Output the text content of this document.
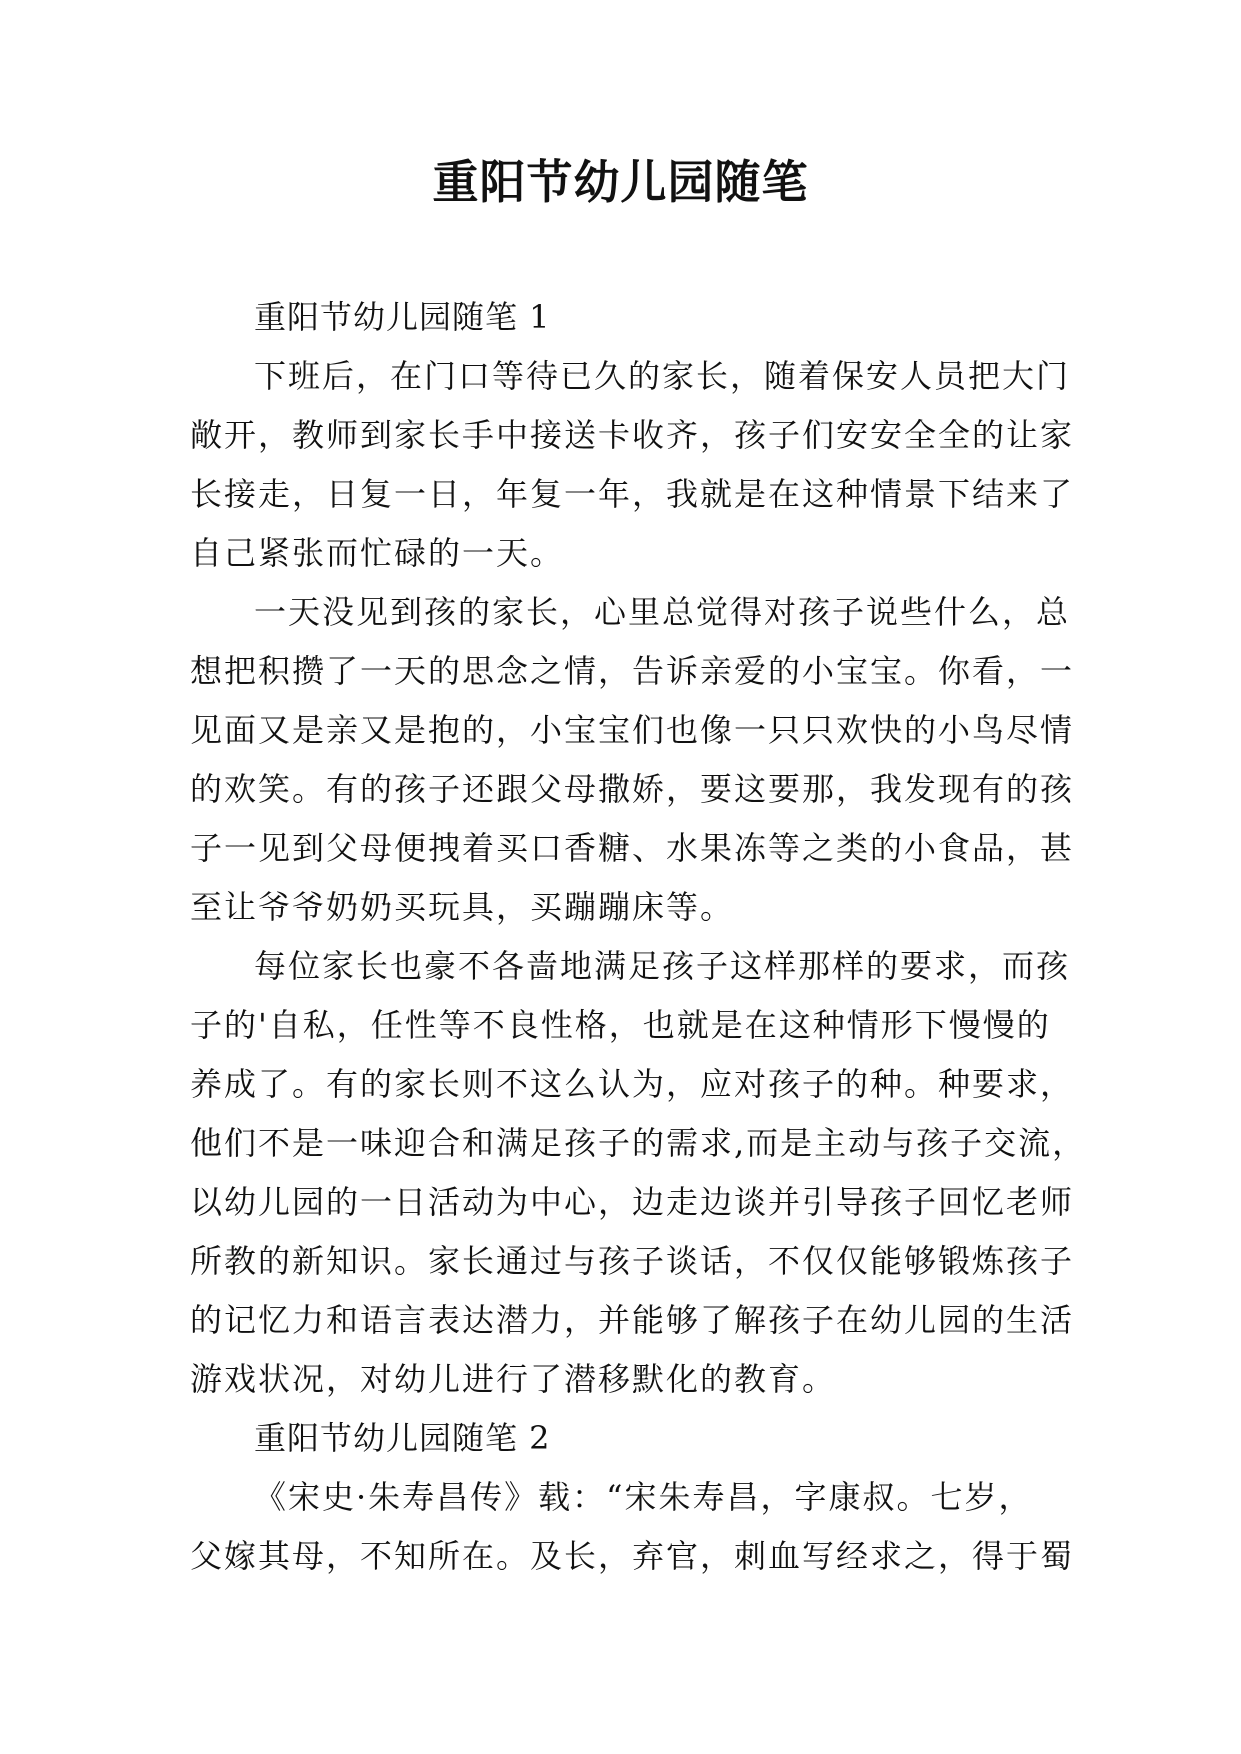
重阳节幼儿园随笔
重阳节幼儿园随笔 1
下班后，在门口等待已久的家长，随着保安人员把大门
敞开，教师到家长手中接送卡收齐，孩子们安安全全的让家
长接走，日复一日，年复一年，我就是在这种情景下结来了
自己紧张而忙碌的一天。
一天没见到孩的家长，心里总觉得对孩子说些什么，总
想把积攒了一天的思念之情，告诉亲爱的小宝宝。你看，一
见面又是亲又是抱的，小宝宝们也像一只只欢快的小鸟尽情
的欢笑。有的孩子还跟父母撒娇，要这要那，我发现有的孩
子一见到父母便拽着买口香糖、水果冻等之类的小食品，甚
至让爷爷奶奶买玩具，买蹦蹦床等。
每位家长也豪不各啬地满足孩子这样那样的要求，而孩
子的'自私，任性等不良性格，也就是在这种情形下慢慢的
养成了。有的家长则不这么认为，应对孩子的种。种要求，
他们不是一味迎合和满足孩子的需求,而是主动与孩子交流，
以幼儿园的一日活动为中心，边走边谈并引导孩子回忆老师
所教的新知识。家长通过与孩子谈话，不仅仅能够锻炼孩子
的记忆力和语言表达潜力，并能够了解孩子在幼儿园的生活
游戏状况，对幼儿进行了潜移默化的教育。
重阳节幼儿园随笔 2
《宋史·朱寿昌传》载：“宋朱寿昌，字康叔。七岁，
父嫁其母，不知所在。及长，弃官，刺血写经求之，得于蜀
